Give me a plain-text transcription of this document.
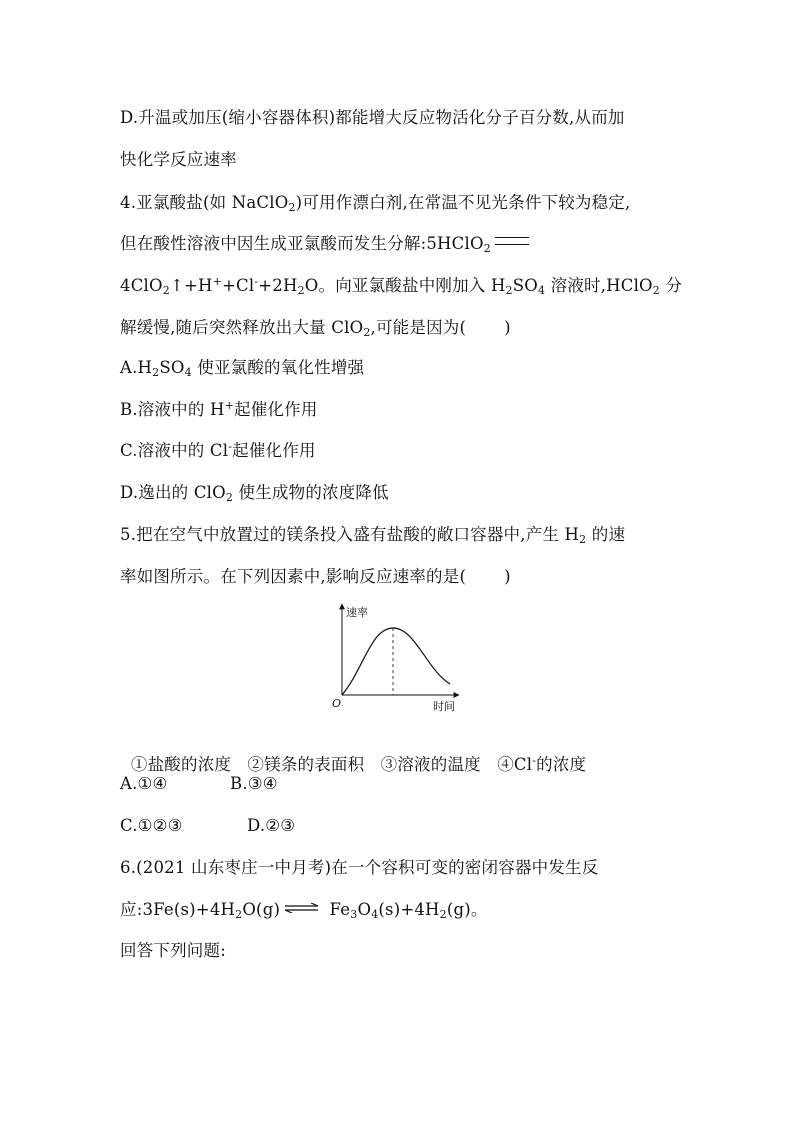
D.升温或加压(缩小容器体积)都能增大反应物活化分子百分数,从而加
快化学反应速率
4.亚氯酸盐(如 NaClO$_2$)可用作漂白剂,在常温不见光条件下较为稳定,
但在酸性溶液中因生成亚氯酸而发生分解:5HClO$_2$
$4ClO_2↑+H^++Cl^-+2H_2O$。向亚氯酸盐中刚加入 $H_2SO_4$ 溶液时,HClO$_2$ 分
解缓慢,随后突然释放出大量 ClO$_2$,可能是因为( )
$A.H_2SO_4$ 使亚氯酸的氧化性增强
B.溶液中的 H+起催化作用
C.溶液中的 Cl-起催化作用
D.逸出的 ClO$_2$ 使生成物的浓度降低
5.把在空气中放置过的镁条投入盛有盐酸的敞口容器中,产生 $H_2$ 的速
率如图所示。在下列因素中,影响反应速率的是( )
速率
时间
O

①盐酸的浓度   ②镁条的表面积   ③溶液的温度   ④Cl-的浓度

A.①④	B.③④
C.①②③	D.②③
6.(2021 山东枣庄一中月考)在一个容积可变的密闭容器中发生反
应$:3Fe(s)+4H_2O(g)$ ⇌ $Fe_3O_4(s)+4H_2(g)$。
回答下列问题:
